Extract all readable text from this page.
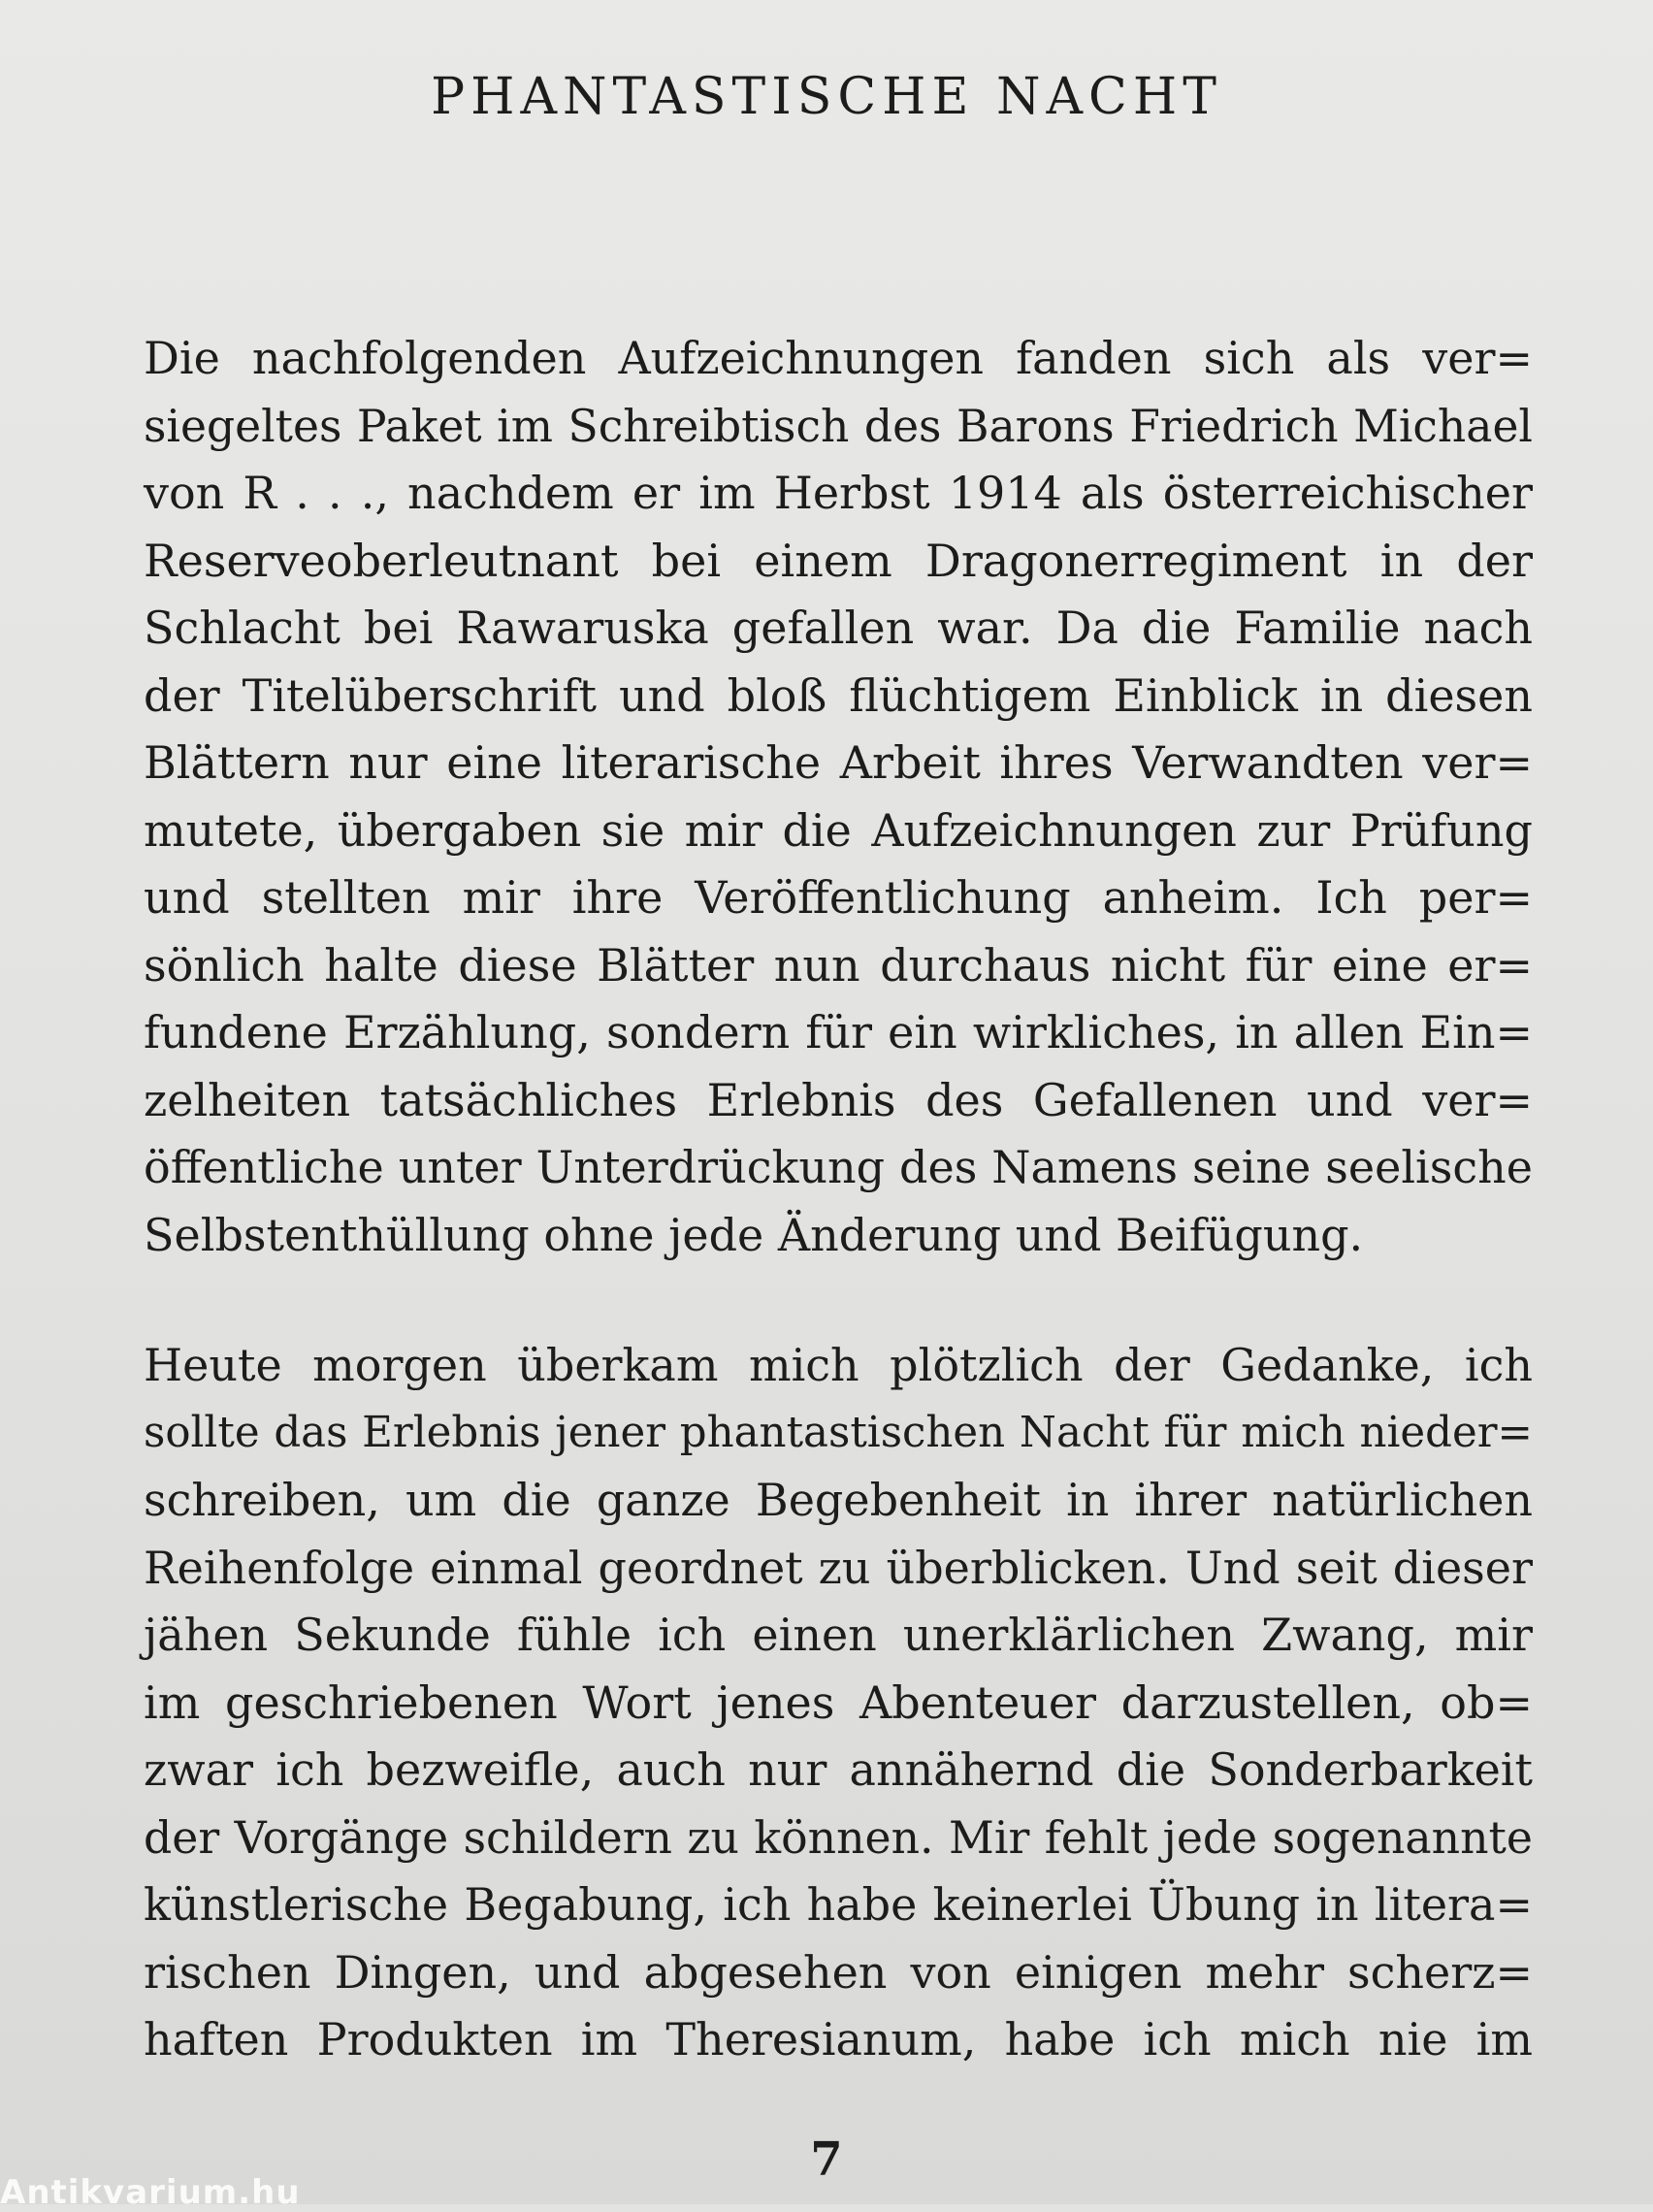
PHANTASTISCHE NACHT
Die nachfolgenden Aufzeichnungen fanden sich als ver=
siegeltes Paket im Schreibtisch des Barons Friedrich Michael
von R . . ., nachdem er im Herbst 1914 als österreichischer
Reserveoberleutnant bei einem Dragonerregiment in der
Schlacht bei Rawaruska gefallen war. Da die Familie nach
der Titelüberschrift und bloß flüchtigem Einblick in diesen
Blättern nur eine literarische Arbeit ihres Verwandten ver=
mutete, übergaben sie mir die Aufzeichnungen zur Prüfung
und stellten mir ihre Veröffentlichung anheim. Ich per=
sönlich halte diese Blätter nun durchaus nicht für eine er=
fundene Erzählung, sondern für ein wirkliches, in allen Ein=
zelheiten tatsächliches Erlebnis des Gefallenen und ver=
öffentliche unter Unterdrückung des Namens seine seelische
Selbstenthüllung ohne jede Änderung und Beifügung.
Heute morgen überkam mich plötzlich der Gedanke, ich
sollte das Erlebnis jener phantastischen Nacht für mich nieder=
schreiben, um die ganze Begebenheit in ihrer natürlichen
Reihenfolge einmal geordnet zu überblicken. Und seit dieser
jähen Sekunde fühle ich einen unerklärlichen Zwang, mir
im geschriebenen Wort jenes Abenteuer darzustellen, ob=
zwar ich bezweifle, auch nur annähernd die Sonderbarkeit
der Vorgänge schildern zu können. Mir fehlt jede sogenannte
künstlerische Begabung, ich habe keinerlei Übung in litera=
rischen Dingen, und abgesehen von einigen mehr scherz=
haften Produkten im Theresianum, habe ich mich nie im
7
Antikvarium.hu
